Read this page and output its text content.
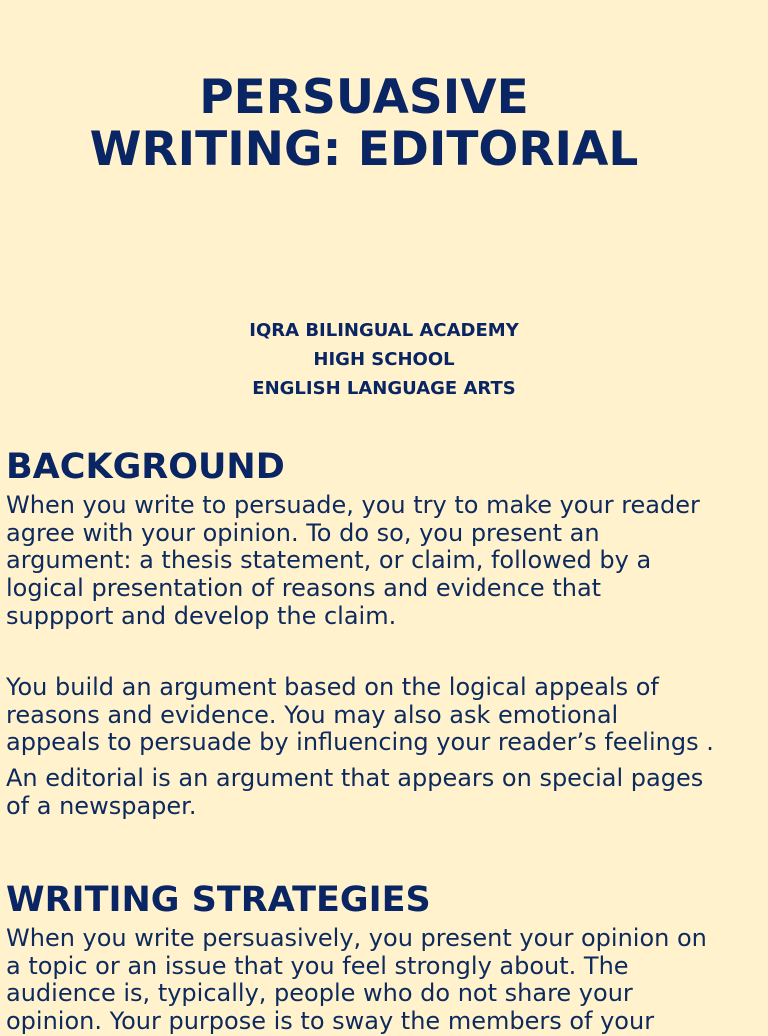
PERSUASIVE
WRITING: EDITORIAL
IQRA BILINGUAL ACADEMY
HIGH SCHOOL
ENGLISH LANGUAGE ARTS
BACKGROUND
When you write to persuade, you try to make your reader
agree with your opinion. To do so, you present an
argument: a thesis statement, or claim, followed by a
logical presentation of reasons and evidence that
suppport and develop the claim.
You build an argument based on the logical appeals of
reasons and evidence. You may also ask emotional
appeals to persuade by influencing your reader’s feelings .
An editorial is an argument that appears on special pages
of a newspaper.
WRITING STRATEGIES
When you write persuasively, you present your opinion on
a topic or an issue that you feel strongly about. The
audience is, typically, people who do not share your
opinion. Your purpose is to sway the members of your
